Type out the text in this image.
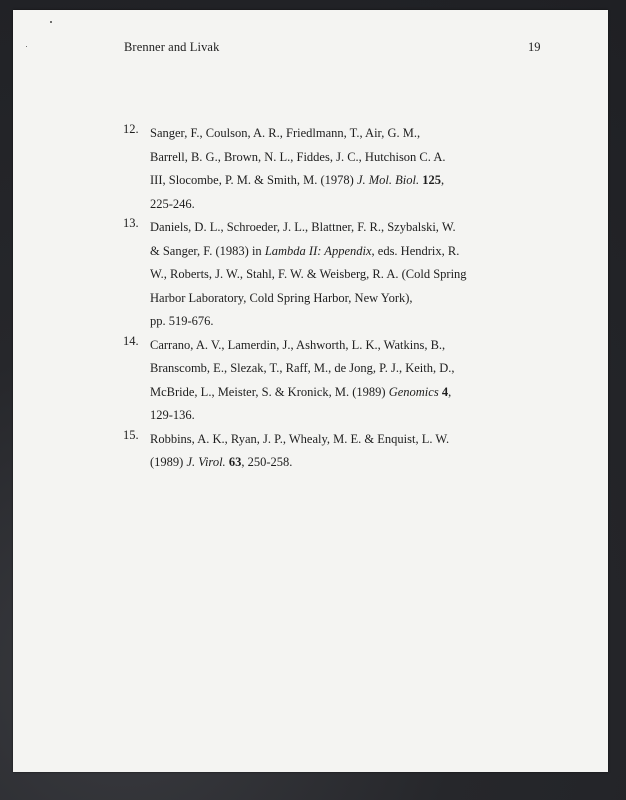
Brenner and Livak	19
12. Sanger, F., Coulson, A. R., Friedlmann, T., Air, G. M.,
Barrell, B. G., Brown, N. L., Fiddes, J. C., Hutchison C. A.
III, Slocombe, P. M. & Smith, M. (1978) J. Mol. Biol. 125,
225-246.
13. Daniels, D. L., Schroeder, J. L., Blattner, F. R., Szybalski, W.
& Sanger, F. (1983) in Lambda II: Appendix, eds. Hendrix, R.
W., Roberts, J. W., Stahl, F. W. & Weisberg, R. A. (Cold Spring
Harbor Laboratory, Cold Spring Harbor, New York),
pp. 519-676.
14. Carrano, A. V., Lamerdin, J., Ashworth, L. K., Watkins, B.,
Branscomb, E., Slezak, T., Raff, M., de Jong, P. J., Keith, D.,
McBride, L., Meister, S. & Kronick, M. (1989) Genomics 4,
129-136.
15. Robbins, A. K., Ryan, J. P., Whealy, M. E. & Enquist, L. W.
(1989) J. Virol. 63, 250-258.
